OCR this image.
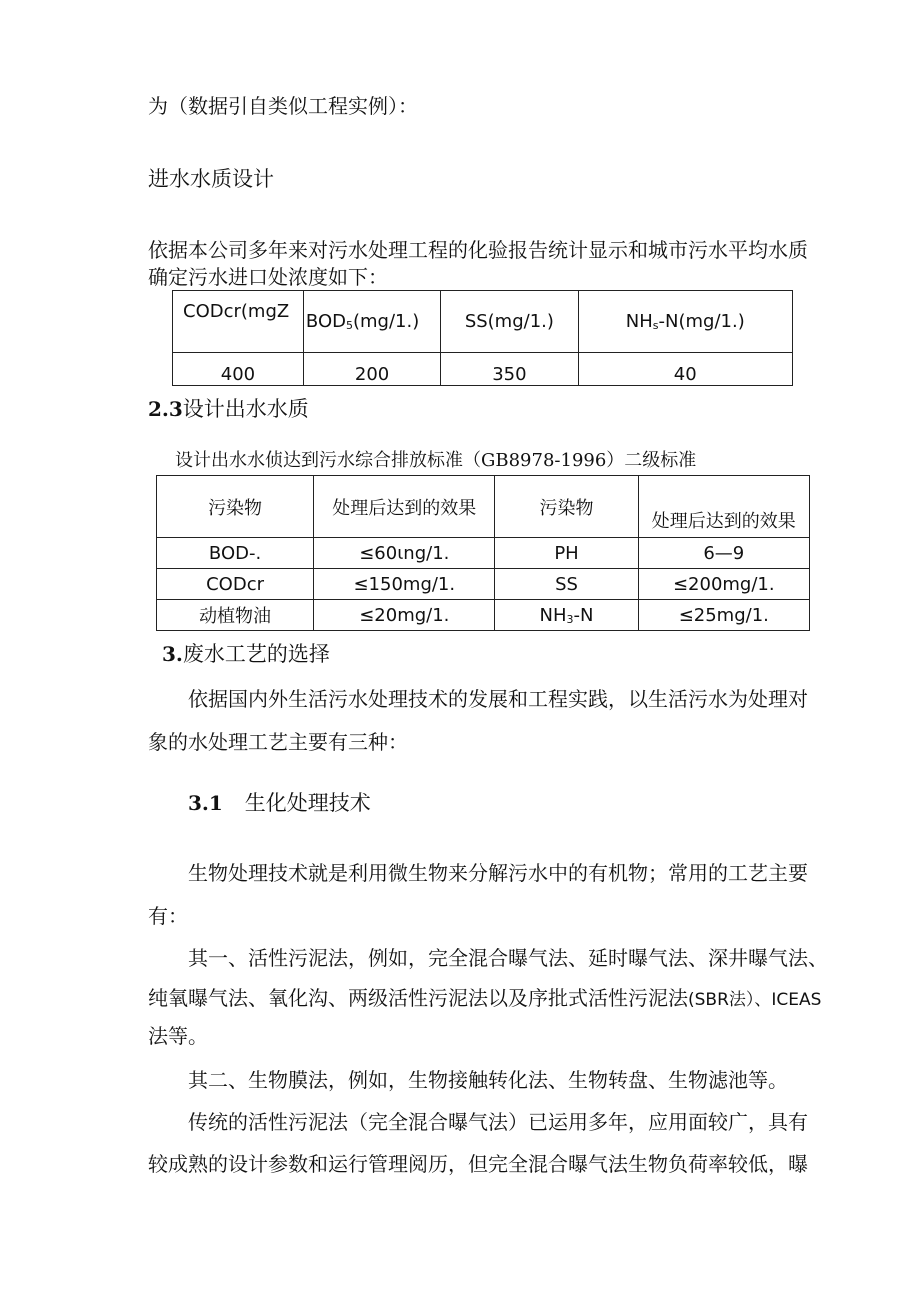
为（数据引自类似工程实例）：
进水水质设计
依据本公司多年来对污水处理工程的化验报告统计显示和城市污水平均水质
确定污水进口处浓度如下：
CODcr(mgZ	$BOD_5(mg∕1.)$	SS(mg∕1.)	$NH_s-N(mg∕1.)$
400	200	350	40
2.3设计出水水质
设计出水水侦达到污水综合排放标准（GB8978-1996）二级标准
污染物	处理后达到的效果	污染物	处理后达到的效果
BOD-.	≤60ιng/1.	PH	6—9
CODcr	≤150mg/1.	SS	≤200mg/1.
动植物油	≤20mg∕1.	$NH_3-N$	≤25mg/1.
3.废水工艺的选择
依据国内外生活污水处理技术的发展和工程实践，以生活污水为处理对
象的水处理工艺主要有三种：
3.1 生化处理技术
生物处理技术就是利用微生物来分解污水中的有机物；常用的工艺主要
有：
其一、活性污泥法，例如，完全混合曝气法、延时曝气法、深井曝气法、
纯氧曝气法、氧化沟、两级活性污泥法以及序批式活性污泥法(SBR法）、ICEAS
法等。
其二、生物膜法，例如，生物接触转化法、生物转盘、生物滤池等。
传统的活性污泥法（完全混合曝气法）已运用多年，应用面较广，具有
较成熟的设计参数和运行管理阅历，但完全混合曝气法生物负荷率较低，曝
